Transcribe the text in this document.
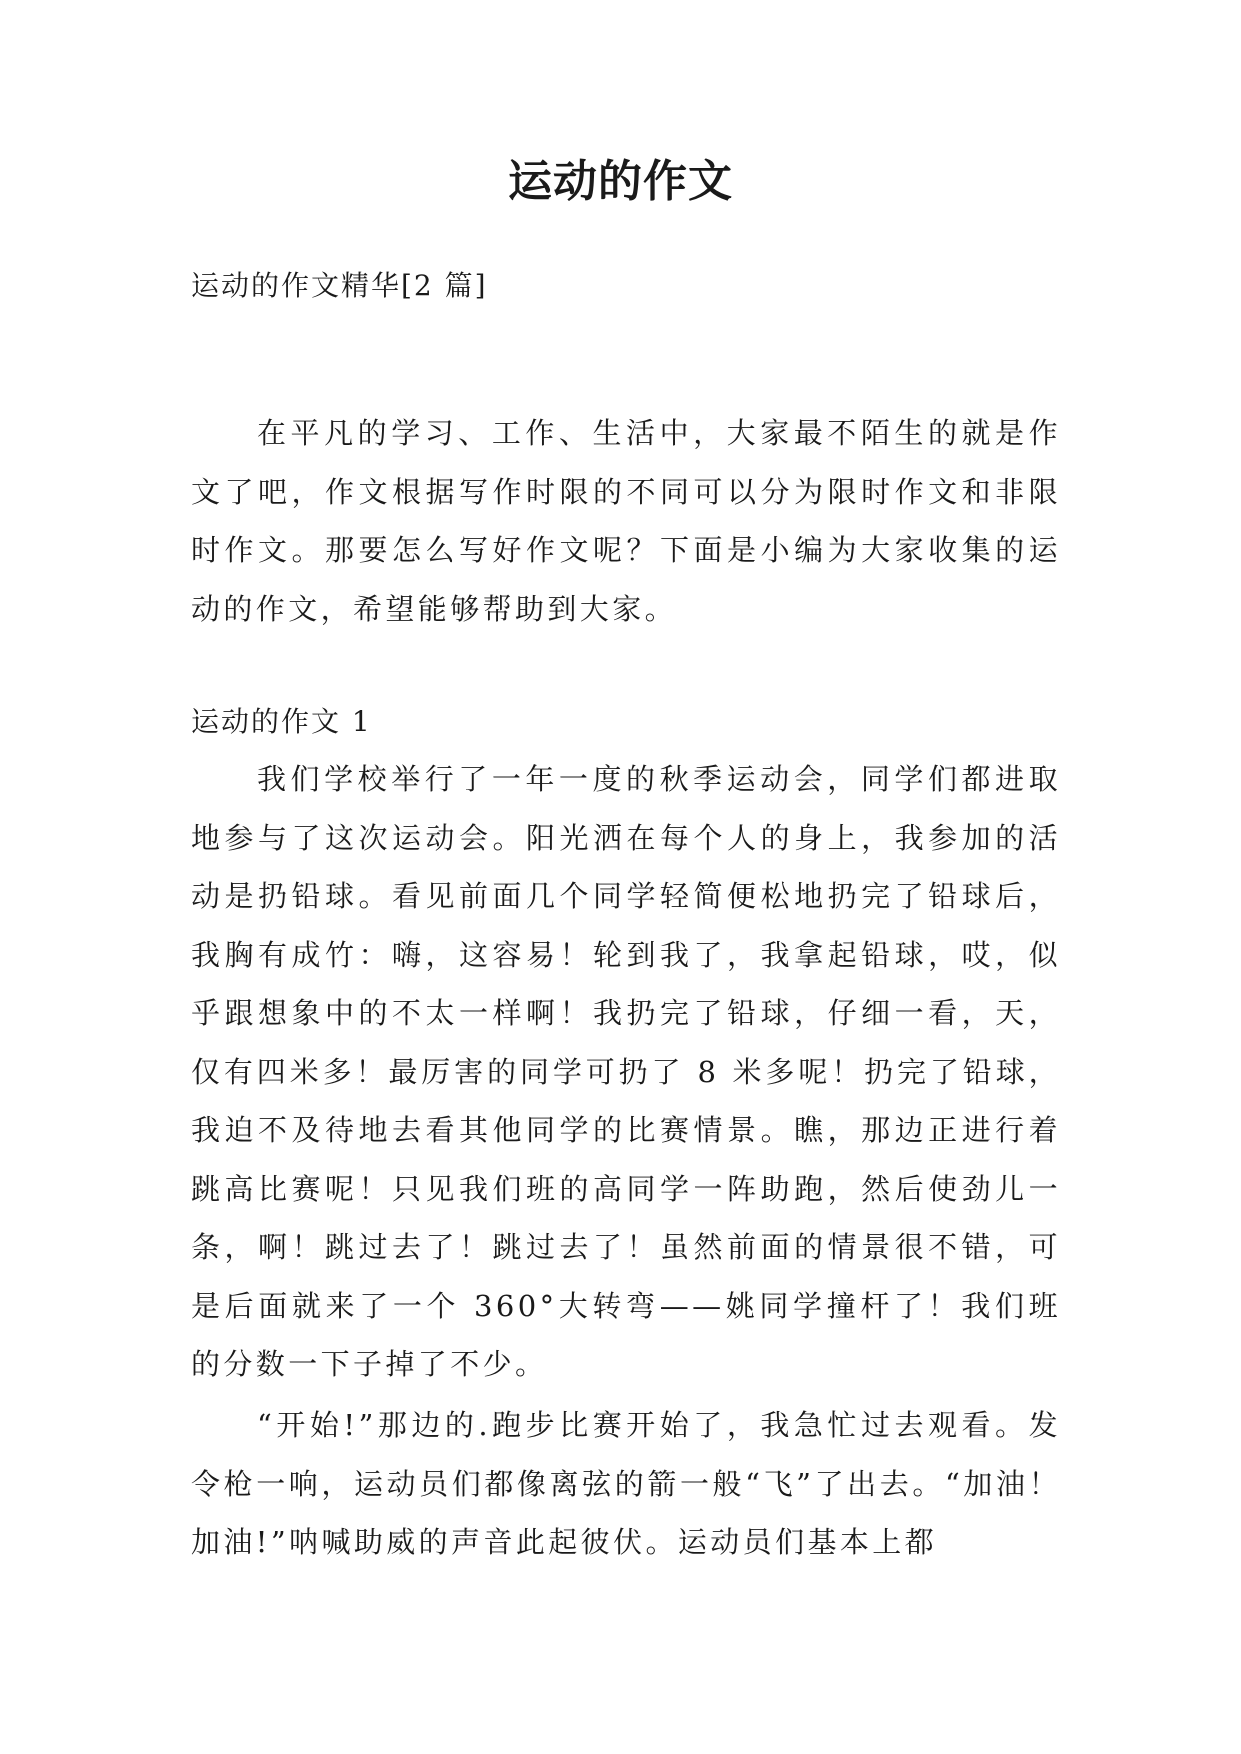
运动的作文

运动的作文精华[2 篇]

在平凡的学习、工作、生活中，大家最不陌生的就是作文了吧，作文根据写作时限的不同可以分为限时作文和非限时作文。那要怎么写好作文呢？下面是小编为大家收集的运动的作文，希望能够帮助到大家。

运动的作文 1

我们学校举行了一年一度的秋季运动会，同学们都进取地参与了这次运动会。阳光洒在每个人的身上，我参加的活动是扔铅球。看见前面几个同学轻简便松地扔完了铅球后，我胸有成竹：嗨，这容易！轮到我了，我拿起铅球，哎，似乎跟想象中的不太一样啊！我扔完了铅球，仔细一看，天，仅有四米多！最厉害的同学可扔了 8 米多呢！扔完了铅球，我迫不及待地去看其他同学的比赛情景。瞧，那边正进行着跳高比赛呢！只见我们班的高同学一阵助跑，然后使劲儿一条，啊！跳过去了！跳过去了！虽然前面的情景很不错，可是后面就来了一个 360°大转弯——姚同学撞杆了！我们班的分数一下子掉了不少。

“开始!”那边的.跑步比赛开始了，我急忙过去观看。发令枪一响，运动员们都像离弦的箭一般“飞”了出去。“加油！加油!”呐喊助威的声音此起彼伏。运动员们基本上都
